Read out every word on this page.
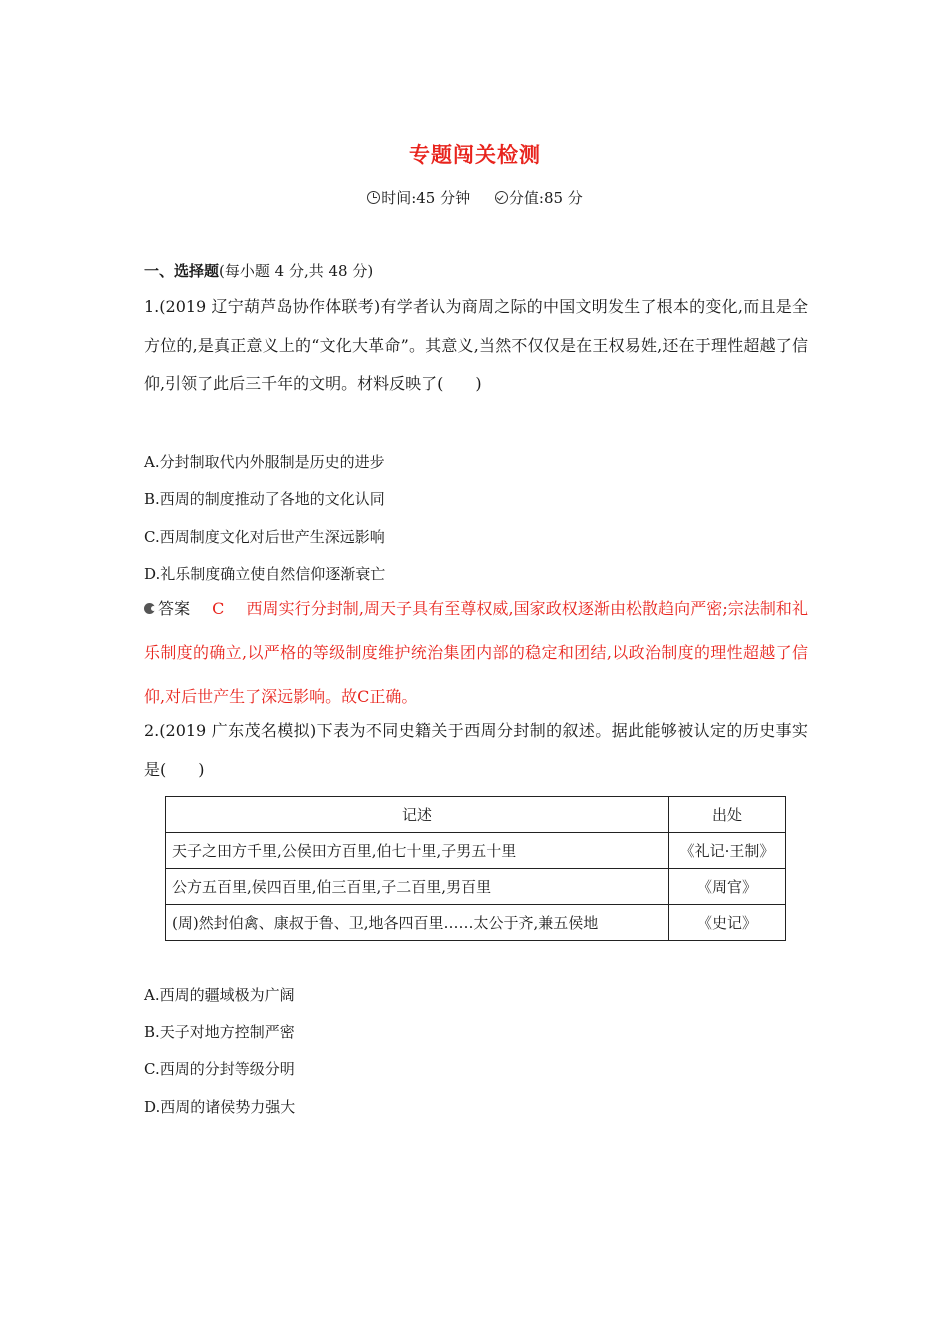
专题闯关检测
时间:45 分钟	分值:85 分
一、选择题(每小题 4 分,共 48 分)
1.(2019 辽宁葫芦岛协作体联考)有学者认为商周之际的中国文明发生了根本的变化,而且是全方位的,是真正意义上的“文化大革命”。其意义,当然不仅仅是在王权易姓,还在于理性超越了信仰,引领了此后三千年的文明。材料反映了(　　)
A.分封制取代内外服制是历史的进步
B.西周的制度推动了各地的文化认同
C.西周制度文化对后世产生深远影响
D.礼乐制度确立使自然信仰逐渐衰亡
答案 C 西周实行分封制,周天子具有至尊权威,国家政权逐渐由松散趋向严密;宗法制和礼乐制度的确立,以严格的等级制度维护统治集团内部的稳定和团结,以政治制度的理性超越了信仰,对后世产生了深远影响。故C正确。
2.(2019 广东茂名模拟)下表为不同史籍关于西周分封制的叙述。据此能够被认定的历史事实是(　　)
记述	出处
天子之田方千里,公侯田方百里,伯七十里,子男五十里	《礼记·王制》
公方五百里,侯四百里,伯三百里,子二百里,男百里	《周官》
(周)然封伯禽、康叔于鲁、卫,地各四百里……太公于齐,兼五侯地	《史记》
A.西周的疆域极为广阔
B.天子对地方控制严密
C.西周的分封等级分明
D.西周的诸侯势力强大
